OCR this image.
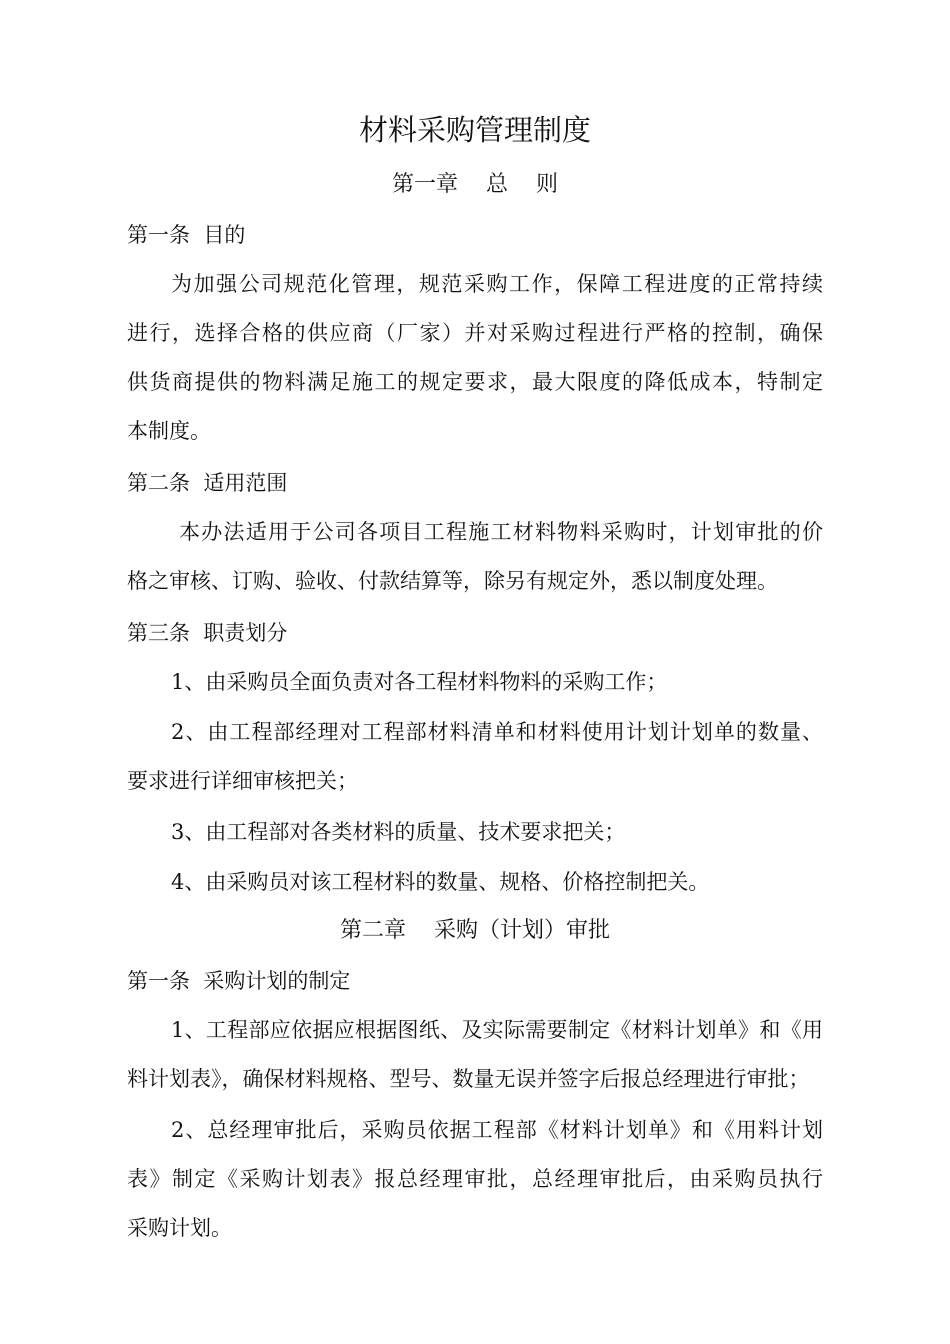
材料采购管理制度
第一章    总    则
第一条  目的
为加强公司规范化管理，规范采购工作，保障工程进度的正常持续
进行，选择合格的供应商（厂家）并对采购过程进行严格的控制，确保
供货商提供的物料满足施工的规定要求，最大限度的降低成本，特制定
本制度。
第二条  适用范围
本办法适用于公司各项目工程施工材料物料采购时，计划审批的价
格之审核、订购、验收、付款结算等，除另有规定外，悉以制度处理。
第三条  职责划分
1、由采购员全面负责对各工程材料物料的采购工作；
2、由工程部经理对工程部材料清单和材料使用计划计划单的数量、
要求进行详细审核把关；
3、由工程部对各类材料的质量、技术要求把关；
4、由采购员对该工程材料的数量、规格、价格控制把关。
第二章    采购（计划）审批
第一条  采购计划的制定
1、工程部应依据应根据图纸、及实际需要制定《材料计划单》和《用
料计划表》，确保材料规格、型号、数量无误并签字后报总经理进行审批；
2、总经理审批后，采购员依据工程部《材料计划单》和《用料计划
表》制定《采购计划表》报总经理审批，总经理审批后，由采购员执行
采购计划。
